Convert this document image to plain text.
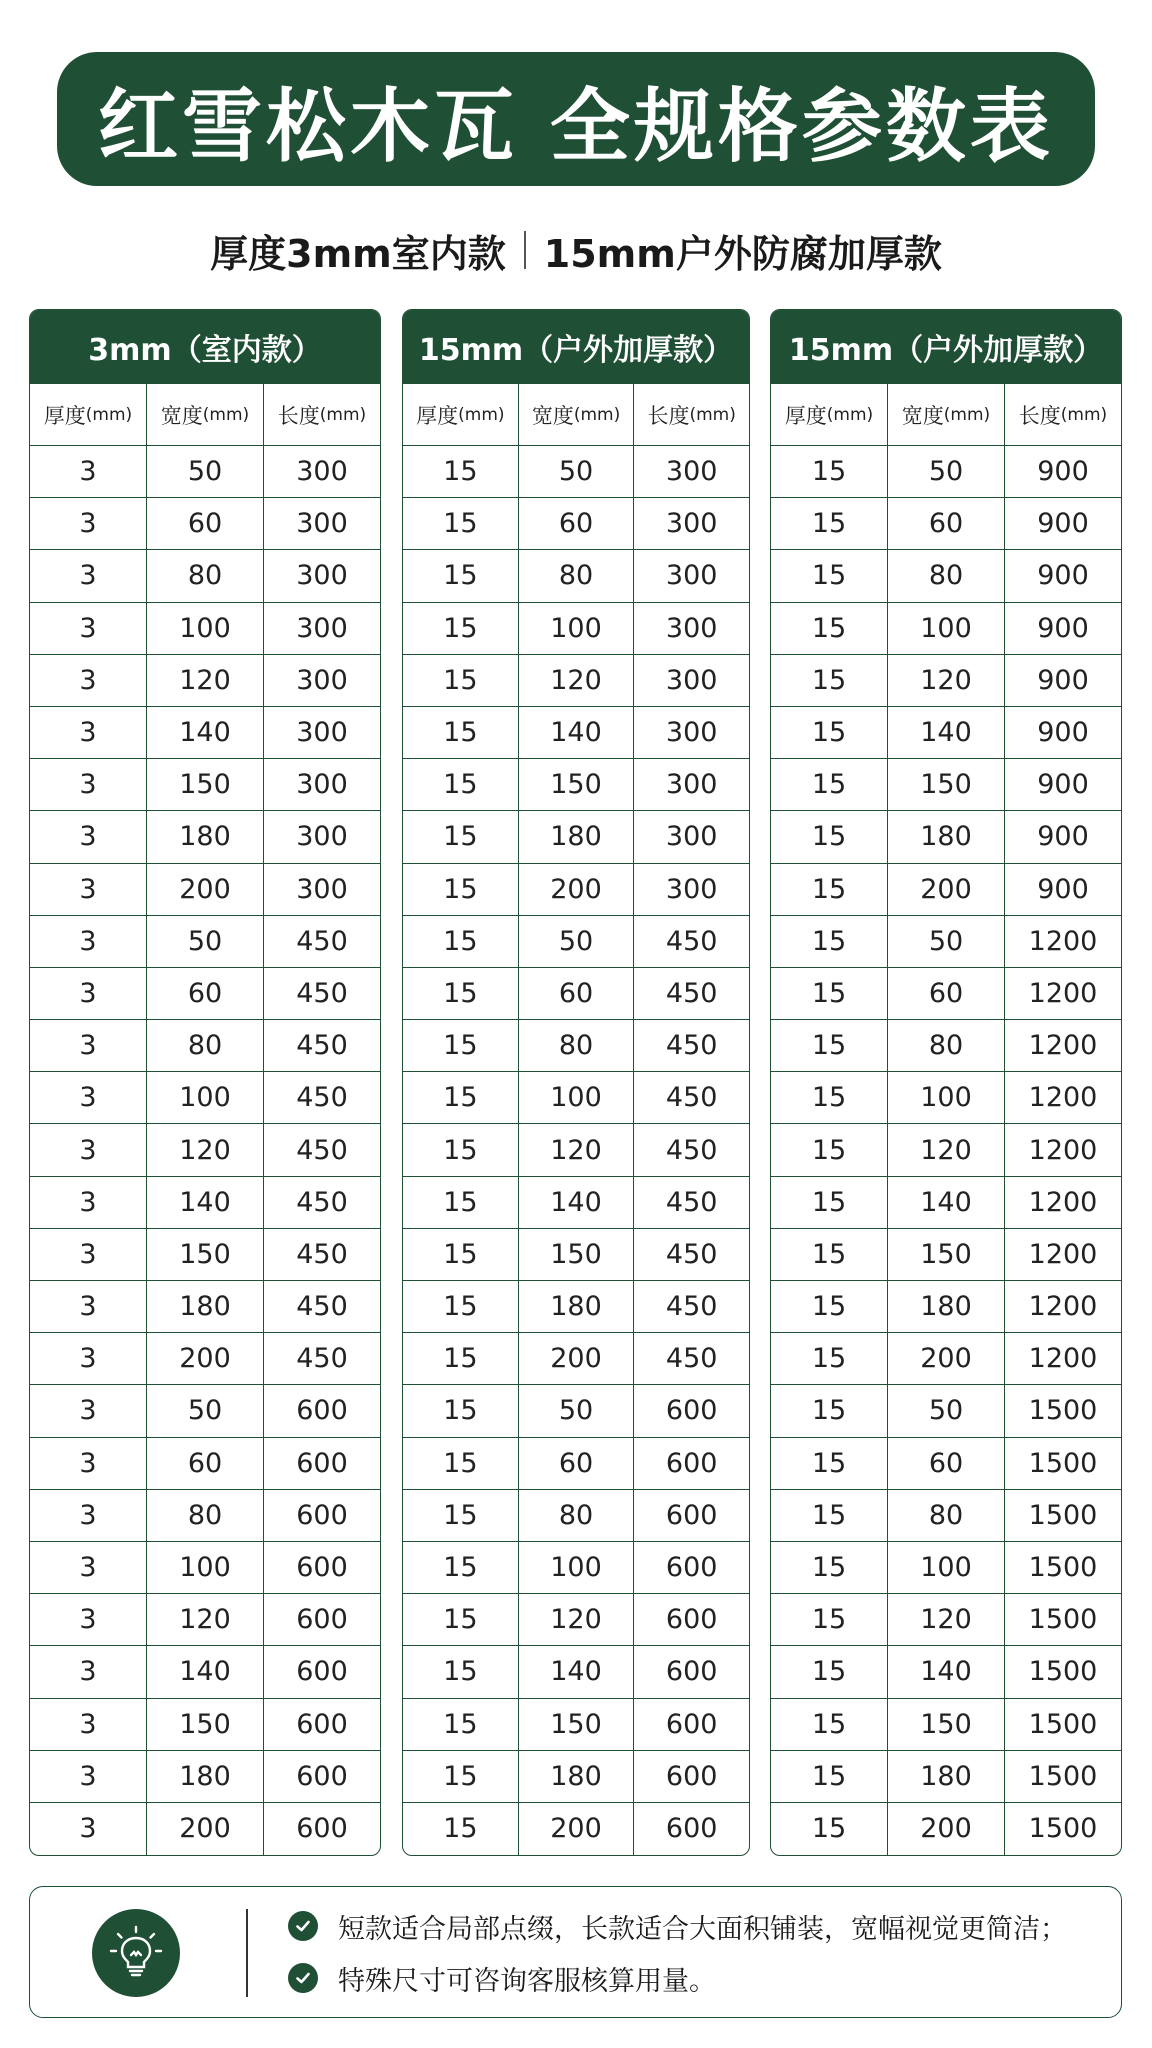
红雪松木瓦 全规格参数表
厚度3mm室内款 15mm户外防腐加厚款
3mm（室内款）
厚度 (mm) 宽度 (mm) 长度 (mm)
3	50	300
3	60	300
3	80	300
3	100	300
3	120	300
3	140	300
3	150	300
3	180	300
3	200	300
3	50	450
3	60	450
3	80	450
3	100	450
3	120	450
3	140	450
3	150	450
3	180	450
3	200	450
3	50	600
3	60	600
3	80	600
3	100	600
3	120	600
3	140	600
3	150	600
3	180	600
3	200	600
15mm（户外加厚款）
厚度 (mm) 宽度 (mm) 长度 (mm)
15	50	300
15	60	300
15	80	300
15	100	300
15	120	300
15	140	300
15	150	300
15	180	300
15	200	300
15	50	450
15	60	450
15	80	450
15	100	450
15	120	450
15	140	450
15	150	450
15	180	450
15	200	450
15	50	600
15	60	600
15	80	600
15	100	600
15	120	600
15	140	600
15	150	600
15	180	600
15	200	600
15mm（户外加厚款）
厚度 (mm) 宽度 (mm) 长度 (mm)
15	50	900
15	60	900
15	80	900
15	100	900
15	120	900
15	140	900
15	150	900
15	180	900
15	200	900
15	50	1200
15	60	1200
15	80	1200
15	100	1200
15	120	1200
15	140	1200
15	150	1200
15	180	1200
15	200	1200
15	50	1500
15	60	1500
15	80	1500
15	100	1500
15	120	1500
15	140	1500
15	150	1500
15	180	1500
15	200	1500
短款适合局部点缀，长款适合大面积铺装，宽幅视觉更简洁；
特殊尺寸可咨询客服核算用量。
